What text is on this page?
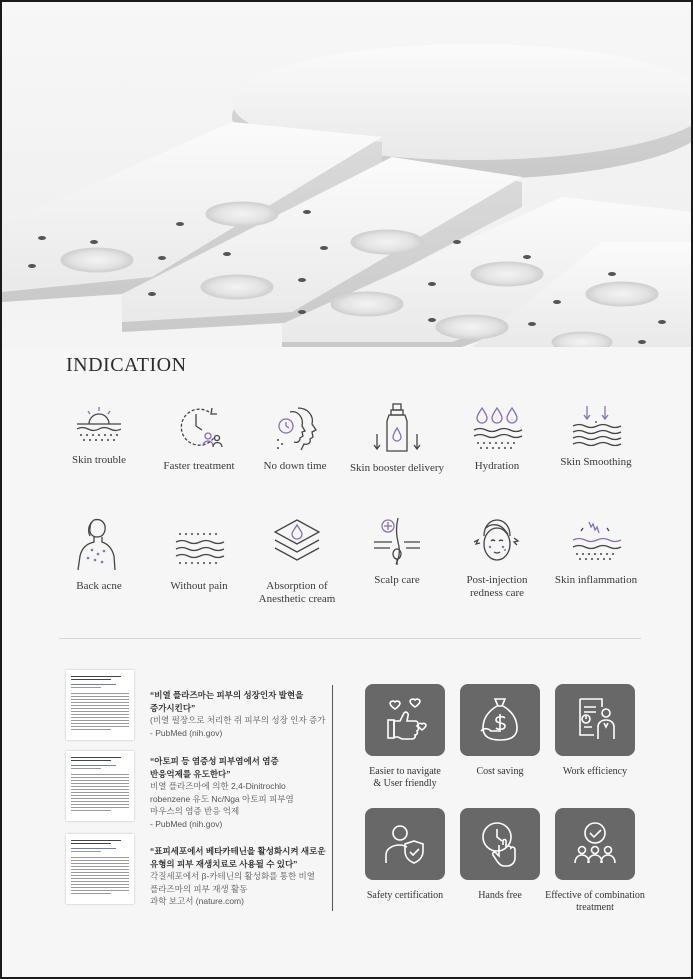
INDICATION
Skin trouble	Faster treatment	No down time	Skin booster delivery	Hydration	Skin Smoothing
Back acne	Without pain	Absorption of
Anesthetic cream
Scalp care	Post-injection
redness care
Skin inflammation
“비열 플라즈마는 피부의 성장인자 발현을
증가시킨다”
(비열 펄장으로 처리한 쥐 피부의 성장 인자 증가
- PubMed (nih.gov)
“아토피 등 염증성 피부염에서 염증
반응억제를 유도한다”
비열 플라즈마에 의한 2,4-Dinitrochlo
robenzene 유도 Nc/Nga 아토피 피부염
마우스의 염증 반응 억제
- PubMed (nih.gov)
“표피세포에서 베타카테닌을 활성화시켜 새로운
유형의 피부 재생치료로 사용될 수 있다”
각질세포에서 β-카테닌의 활성화를 통한 비열
플라즈마의 피부 재생 활동
과학 보고서 (nature.com)
Easier to navigate
& User friendly
Cost saving	Work efficiency
Safety certification	Hands free	Effective of combination
treatment
